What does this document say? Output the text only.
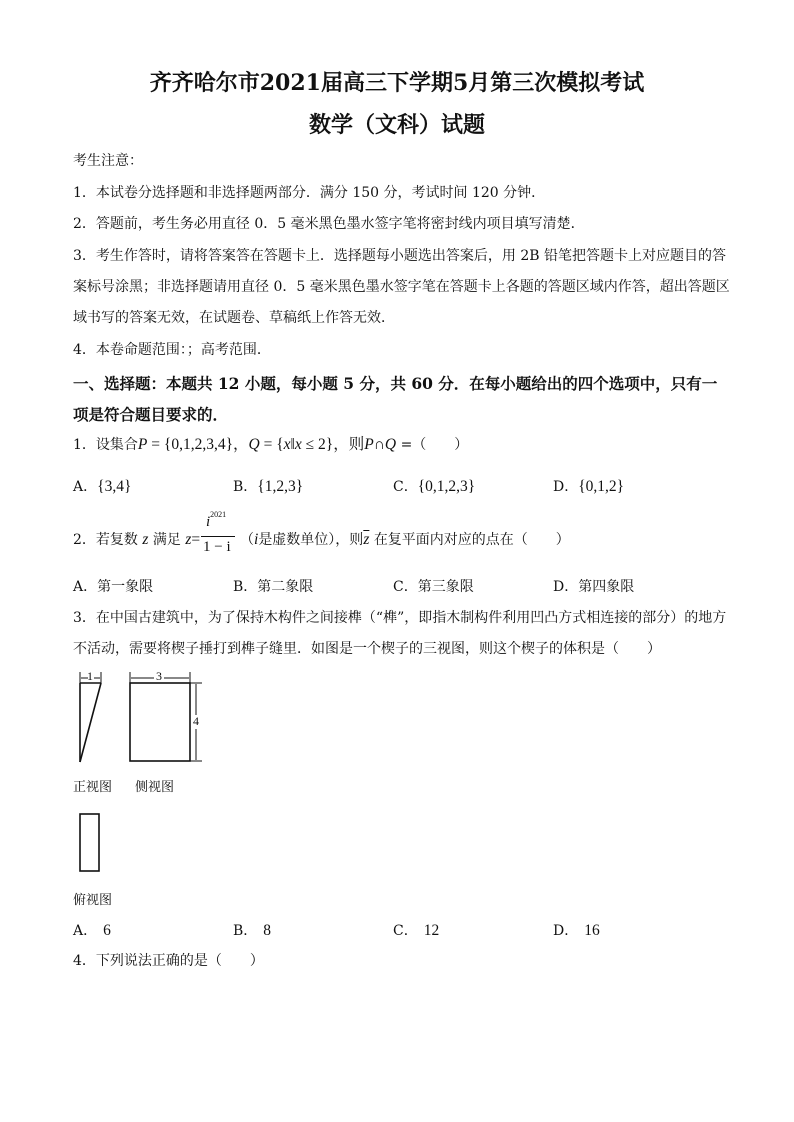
齐齐哈尔市2021届高三下学期5月第三次模拟考试
数学（文科）试题
考生注意：
1．本试卷分选择题和非选择题两部分．满分 150 分，考试时间 120 分钟．
2．答题前，考生务必用直径 0．5 毫米黑色墨水签字笔将密封线内项目填写清楚．
3．考生作答时，请将答案答在答题卡上．选择题每小题选出答案后，用 2B 铅笔把答题卡上对应题目的答
案标号涂黑；非选择题请用直径 0．5 毫米黑色墨水签字笔在答题卡上各题的答题区域内作答，超出答题区
域书写的答案无效，在试题卷、草稿纸上作答无效．
4．本卷命题范围：；高考范围．
一、选择题：本题共 12 小题，每小题 5 分，共 60 分．在每小题给出的四个选项中，只有一
项是符合题目要求的．
1．设集合P = {0,1,2,3,4}，Q = {x‖x ≤ 2}，则P∩Q =（　　）
A．{3,4}	B．{1,2,3}	C．{0,1,2,3}	D．{0,1,2}
2．若复数 z 满足 z=
$i^{2021}$
1 − i （i是虚数单位），则$\overline{z}$ 在复平面内对应的点在（　　）
A．第一象限	B．第二象限	C．第三象限	D．第四象限
3．在中国古建筑中，为了保持木构件之间接榫（“榫”，即指木制构件利用凹凸方式相连接的部分）的地方
不活动，需要将楔子捶打到榫子缝里．如图是一个楔子的三视图，则这个楔子的体积是（　　）
1	3
4
正视图 侧视图
俯视图
A． 6	B． 8	C． 12	D． 16
4．下列说法正确的是（　　）
